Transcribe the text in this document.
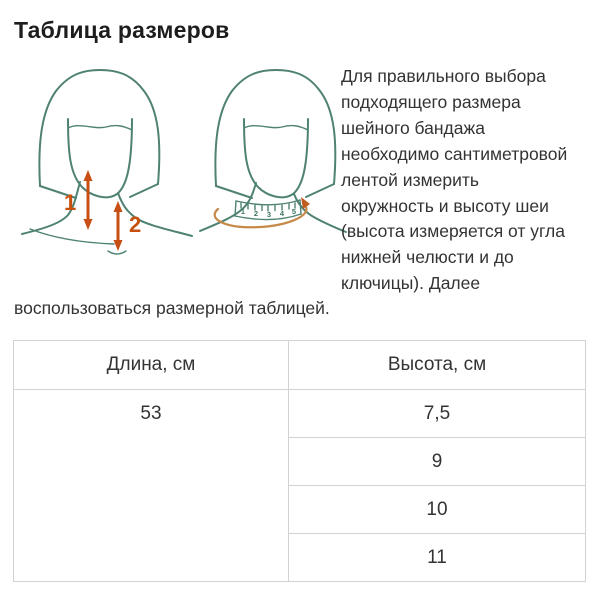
Таблица размеров
1
2
1 2 3 4 5
Для правильного выбора
подходящего размера
шейного бандажа
необходимо сантиметровой
лентой измерить
окружность и высоту шеи
(высота измеряется от угла
нижней челюсти и до
ключицы). Далее
воспользоваться размерной таблицей.
Длина, см	Высота, см
53	7,5
	9
	10
	11
